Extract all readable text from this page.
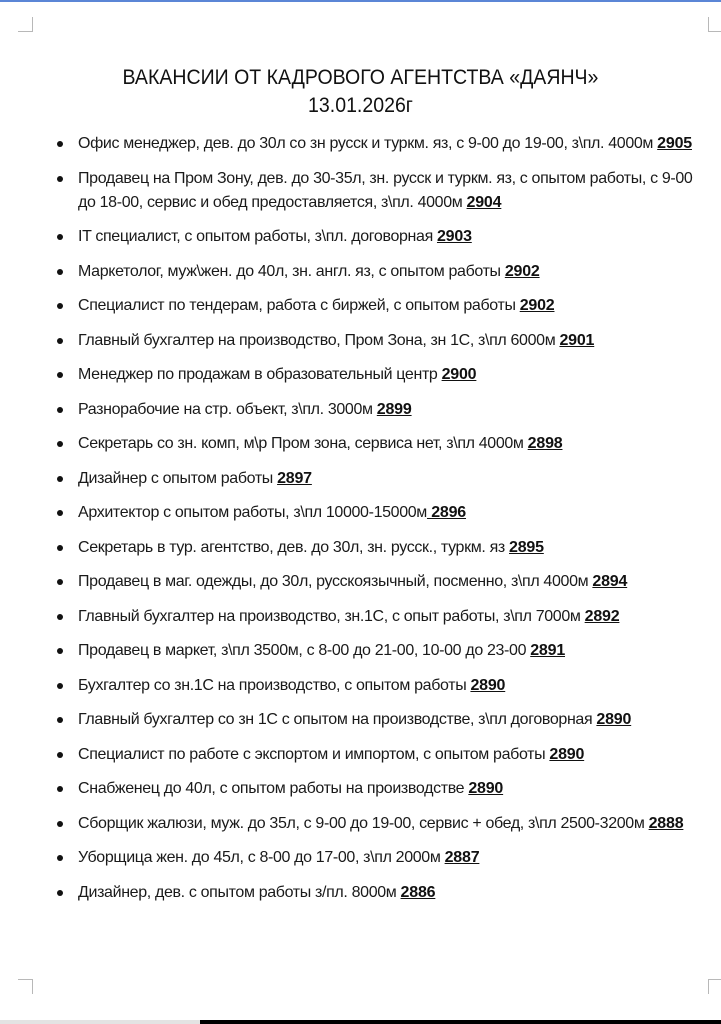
ВАКАНСИИ ОТ КАДРОВОГО АГЕНТСТВА «ДАЯНЧ»
13.01.2026г
Офис менеджер, дев. до 30л со зн русск и туркм. яз, с 9-00 до 19-00, з\пл. 4000м 2905
Продавец на Пром Зону, дев. до 30-35л, зн. русск и туркм. яз, с опытом работы, с 9-00 до 18-00, сервис и обед предоставляется, з\пл. 4000м 2904
IT специалист, с опытом работы, з\пл. договорная 2903
Маркетолог, муж\жен. до 40л, зн. англ. яз, с опытом работы 2902
Специалист по тендерам, работа с биржей, с опытом работы 2902
Главный бухгалтер на производство, Пром Зона, зн 1С, з\пл 6000м 2901
Менеджер по продажам в образовательный центр 2900
Разнорабочие на стр. объект, з\пл. 3000м 2899
Секретарь со зн. комп, м\р Пром зона, сервиса нет, з\пл 4000м 2898
Дизайнер с опытом работы 2897
Архитектор с опытом работы, з\пл 10000-15000м 2896
Секретарь в тур. агентство, дев. до 30л, зн. русск., туркм. яз 2895
Продавец в маг. одежды, до 30л, русскоязычный, посменно, з\пл 4000м 2894
Главный бухгалтер на производство, зн.1С, с опыт работы, з\пл 7000м 2892
Продавец в маркет, з\пл 3500м, с 8-00 до 21-00, 10-00 до 23-00 2891
Бухгалтер со зн.1С на производство, с опытом работы 2890
Главный бухгалтер со зн 1С с опытом на производстве, з\пл договорная 2890
Специалист по работе с экспортом и импортом, с опытом работы 2890
Снабженец до 40л, с опытом работы на производстве 2890
Сборщик жалюзи, муж. до 35л, с 9-00 до 19-00, сервис + обед, з\пл 2500-3200м 2888
Уборщица жен. до 45л, с 8-00 до 17-00, з\пл 2000м 2887
Дизайнер, дев. с опытом работы з/пл. 8000м 2886
